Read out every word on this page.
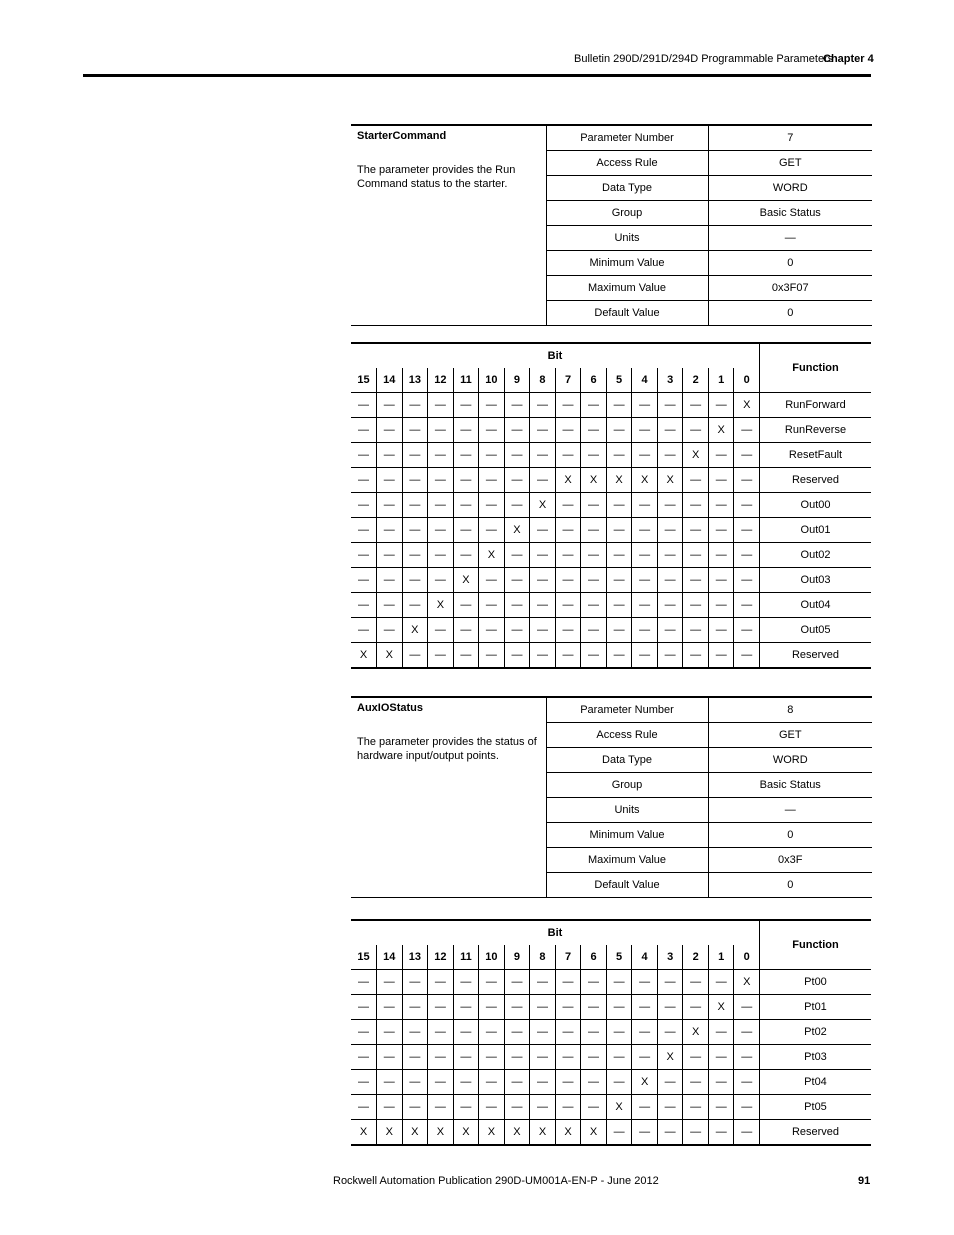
Bulletin 290D/291D/294D Programmable Parameters
Chapter 4
StarterCommand
The parameter provides the Run Command status to the starter.	Parameter Number	7
	Access Rule	GET
	Data Type	WORD
	Group	Basic Status
	Units	—
	Minimum Value	0
	Maximum Value	0x3F07
	Default Value	0
Bit																Function
15	14	13	12	11	10	9	8	7	6	5	4	3	2	1	0	
—	—	—	—	—	—	—	—	—	—	—	—	—	—	—	X	RunForward
—	—	—	—	—	—	—	—	—	—	—	—	—	—	X	—	RunReverse
—	—	—	—	—	—	—	—	—	—	—	—	—	X	—	—	ResetFault
—	—	—	—	—	—	—	—	X	X	X	X	X	—	—	—	Reserved
—	—	—	—	—	—	—	X	—	—	—	—	—	—	—	—	Out00
—	—	—	—	—	—	X	—	—	—	—	—	—	—	—	—	Out01
—	—	—	—	—	X	—	—	—	—	—	—	—	—	—	—	Out02
—	—	—	—	X	—	—	—	—	—	—	—	—	—	—	—	Out03
—	—	—	X	—	—	—	—	—	—	—	—	—	—	—	—	Out04
—	—	X	—	—	—	—	—	—	—	—	—	—	—	—	—	Out05
X	X	—	—	—	—	—	—	—	—	—	—	—	—	—	—	Reserved
AuxIOStatus
The parameter provides the status of hardware input/output points.	Parameter Number	8
	Access Rule	GET
	Data Type	WORD
	Group	Basic Status
	Units	—
	Minimum Value	0
	Maximum Value	0x3F
	Default Value	0
Bit																Function
15	14	13	12	11	10	9	8	7	6	5	4	3	2	1	0	
—	—	—	—	—	—	—	—	—	—	—	—	—	—	—	X	Pt00
—	—	—	—	—	—	—	—	—	—	—	—	—	—	X	—	Pt01
—	—	—	—	—	—	—	—	—	—	—	—	—	X	—	—	Pt02
—	—	—	—	—	—	—	—	—	—	—	—	X	—	—	—	Pt03
—	—	—	—	—	—	—	—	—	—	—	X	—	—	—	—	Pt04
—	—	—	—	—	—	—	—	—	—	X	—	—	—	—	—	Pt05
X	X	X	X	X	X	X	X	X	X	—	—	—	—	—	—	Reserved
Rockwell Automation Publication 290D-UM001A-EN-P - June 2012	91
